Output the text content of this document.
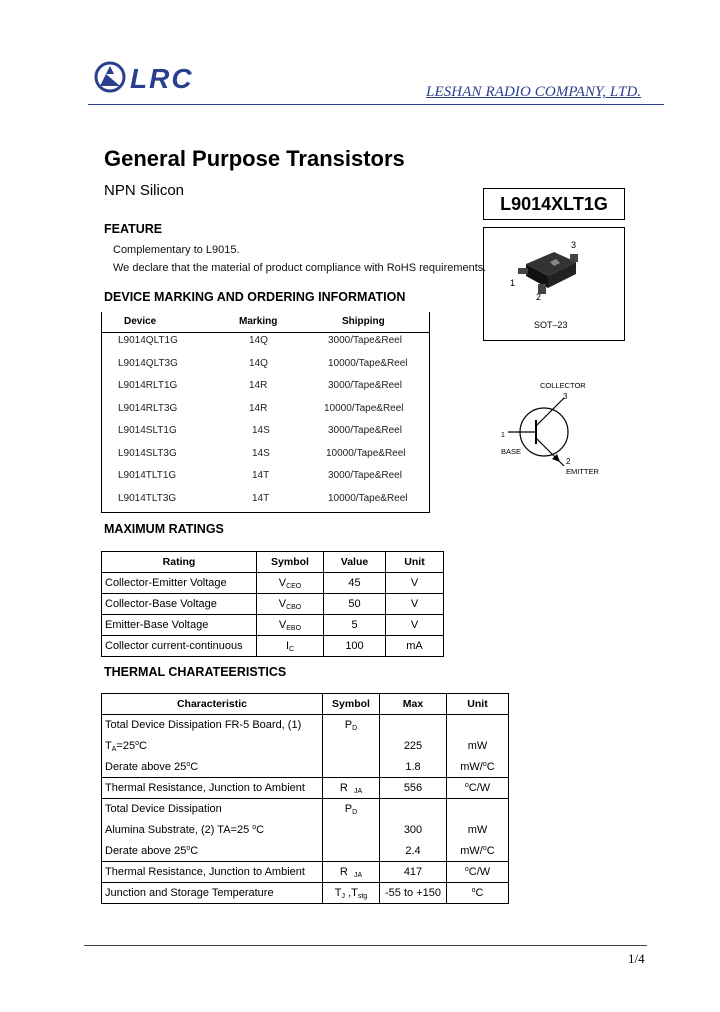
LRC	LESHAN RADIO COMPANY, LTD.
General Purpose Transistors
NPN Silicon
L9014XLT1G
FEATURE
Complementary to L9015.
We declare that the material of product compliance with RoHS requirements.
3
1
2
SOT–23
DEVICE MARKING AND ORDERING INFORMATION
Device	Marking	Shipping
L9014QLT1G	14Q	3000/Tape&Reel
L9014QLT3G	14Q	10000/Tape&Reel
L9014RLT1G	14R	3000/Tape&Reel
L9014RLT3G	14R	10000/Tape&Reel
L9014SLT1G	14S	3000/Tape&Reel
L9014SLT3G	14S	10000/Tape&Reel
L9014TLT1G	14T	3000/Tape&Reel
L9014TLT3G	14T	10000/Tape&Reel
COLLECTOR
3
1
BASE
2
EMITTER
MAXIMUM RATINGS
Rating	Symbol	Value	Unit
Collector-Emitter Voltage	$V_{CEO}$	45	V
Collector-Base Voltage	$V_{CBO}$	50	V
Emitter-Base Voltage	$V_{EBO}$	5	V
Collector current-continuous	$I_C$	100	mA
THERMAL CHARATEERISTICS
Characteristic	Symbol	Max	Unit
Total Device Dissipation FR-5 Board, (1)	$P_D$		
$T_A=25^oC$		225	mW
Derate above 25$^o$C		1.8	mW/$^o$C
Thermal Resistance, Junction to Ambient	R $_{JA}$	556	$^o$C/W
Total Device Dissipation	$P_D$		
Alumina Substrate, (2) TA=25 $^o$C		300	mW
Derate above 25$^o$C		2.4	mW/$^o$C
Thermal Resistance, Junction to Ambient	R $_{JA}$	417	$^o$C/W
Junction and Storage Temperature	$T_J$ $,T_{stg}$	-55 to +150	$^o$C
1/4
